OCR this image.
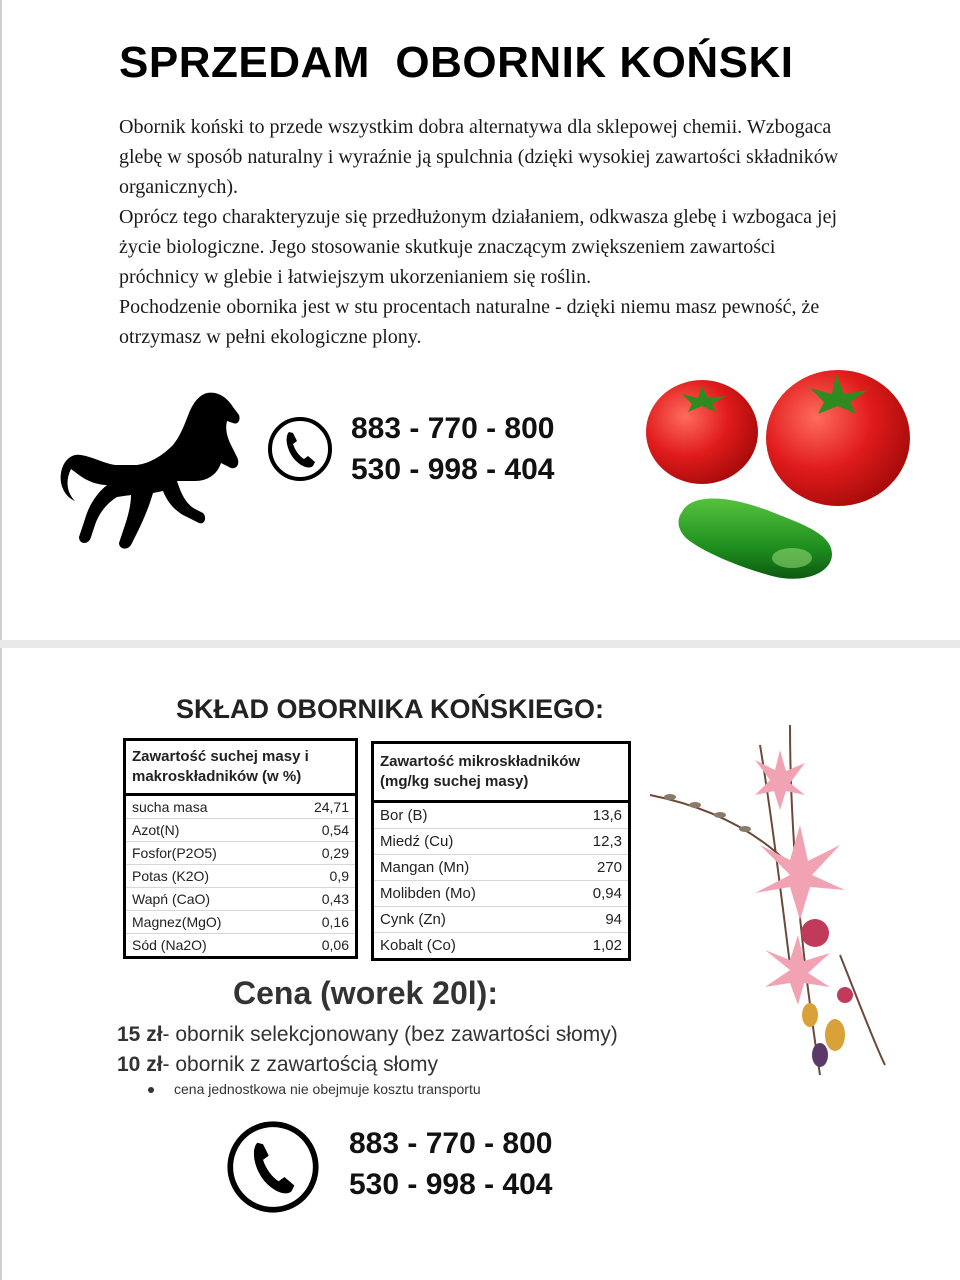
SPRZEDAM  OBORNIK KOŃSKI

Obornik koński to przede wszystkim dobra alternatywa dla sklepowej chemii. Wzbogaca glebę w sposób naturalny i wyraźnie ją spulchnia (dzięki wysokiej zawartości składników organicznych).

Oprócz tego charakteryzuje się przedłużonym działaniem, odkwasza glebę i wzbogaca jej życie biologiczne. Jego stosowanie skutkuje znaczącym zwiększeniem zawartości próchnicy w glebie i łatwiejszym ukorzenianiem się roślin.

Pochodzenie obornika jest w stu procentach naturalne - dzięki niemu masz pewność, że otrzymasz w pełni ekologiczne plony.

883 - 770 - 800
530 - 998 - 404
SKŁAD OBORNIKA KOŃSKIEGO:
Zawartość suchej masy i makroskładników (w %)	
sucha masa	24,71
Azot(N)	0,54
Fosfor(P2O5)	0,29
Potas (K2O)	0,9
Wapń (CaO)	0,43
Magnez(MgO)	0,16
Sód (Na2O)	0,06
Zawartość mikroskładników (mg/kg suchej masy)	
Bor (B)	13,6
Miedź (Cu)	12,3
Mangan (Mn)	270
Molibden (Mo)	0,94
Cynk (Zn)	94
Kobalt (Co)	1,02
Cena (worek 20l):
15 zł- obornik selekcjonowany (bez zawartości słomy)
10 zł- obornik z zawartością słomy
cena jednostkowa nie obejmuje kosztu transportu
883 - 770 - 800
530 - 998 - 404
